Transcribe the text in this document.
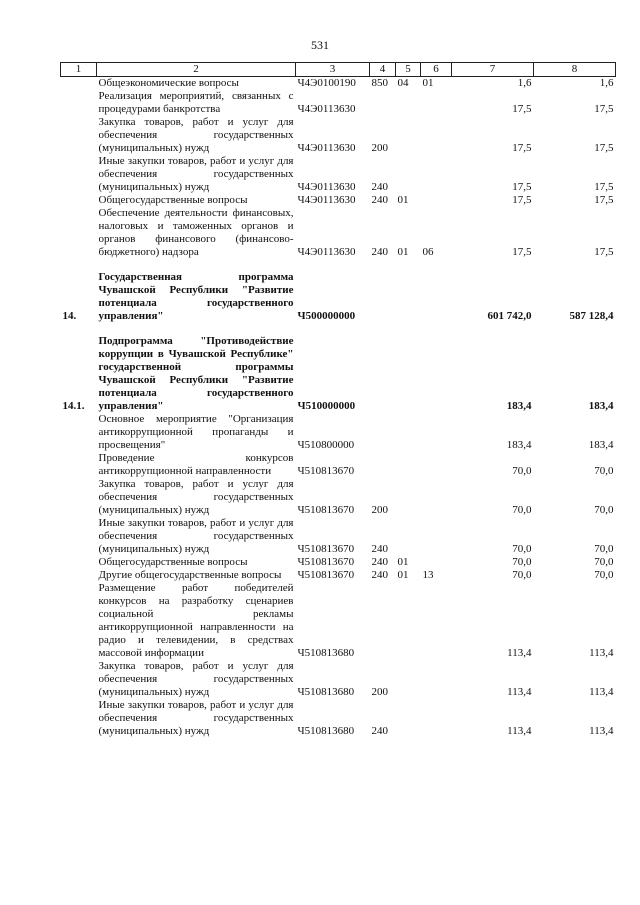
531
1	2	3	4	5	6	7	8
	Общеэкономические вопросы	Ч4Э0100190	850	04	01	1,6	1,6
	Реализация мероприятий, связанных с процедурами банкротства	Ч4Э0113630				17,5	17,5
	Закупка товаров, работ и услуг для обеспечения государственных (муниципальных) нужд	Ч4Э0113630	200			17,5	17,5
	Иные закупки товаров, работ и услуг для обеспечения государственных (муниципальных) нужд	Ч4Э0113630	240			17,5	17,5
	Общегосударственные вопросы	Ч4Э0113630	240	01		17,5	17,5
	Обеспечение деятельности финансовых, налоговых и таможенных органов и органов финансового (финансово-бюджетного) надзора	Ч4Э0113630	240	01	06	17,5	17,5

14.	Государственная программа Чувашской Республики "Развитие потенциала государственного управления"	Ч500000000				601 742,0	587 128,4

14.1.	Подпрограмма "Противодействие коррупции в Чувашской Республике" государственной программы Чувашской Республики "Развитие потенциала государственного управления"	Ч510000000				183,4	183,4
	Основное мероприятие "Организация антикоррупционной пропаганды и просвещения"	Ч510800000				183,4	183,4
	Проведение конкурсов антикоррупционной направленности	Ч510813670				70,0	70,0
	Закупка товаров, работ и услуг для обеспечения государственных (муниципальных) нужд	Ч510813670	200			70,0	70,0
	Иные закупки товаров, работ и услуг для обеспечения государственных (муниципальных) нужд	Ч510813670	240			70,0	70,0
	Общегосударственные вопросы	Ч510813670	240	01		70,0	70,0
	Другие общегосударственные вопросы	Ч510813670	240	01	13	70,0	70,0
	Размещение работ победителей конкурсов на разработку сценариев социальной рекламы антикоррупционной направленности на радио и телевидении, в средствах массовой информации	Ч510813680				113,4	113,4
	Закупка товаров, работ и услуг для обеспечения государственных (муниципальных) нужд	Ч510813680	200			113,4	113,4
	Иные закупки товаров, работ и услуг для обеспечения государственных (муниципальных) нужд	Ч510813680	240			113,4	113,4
